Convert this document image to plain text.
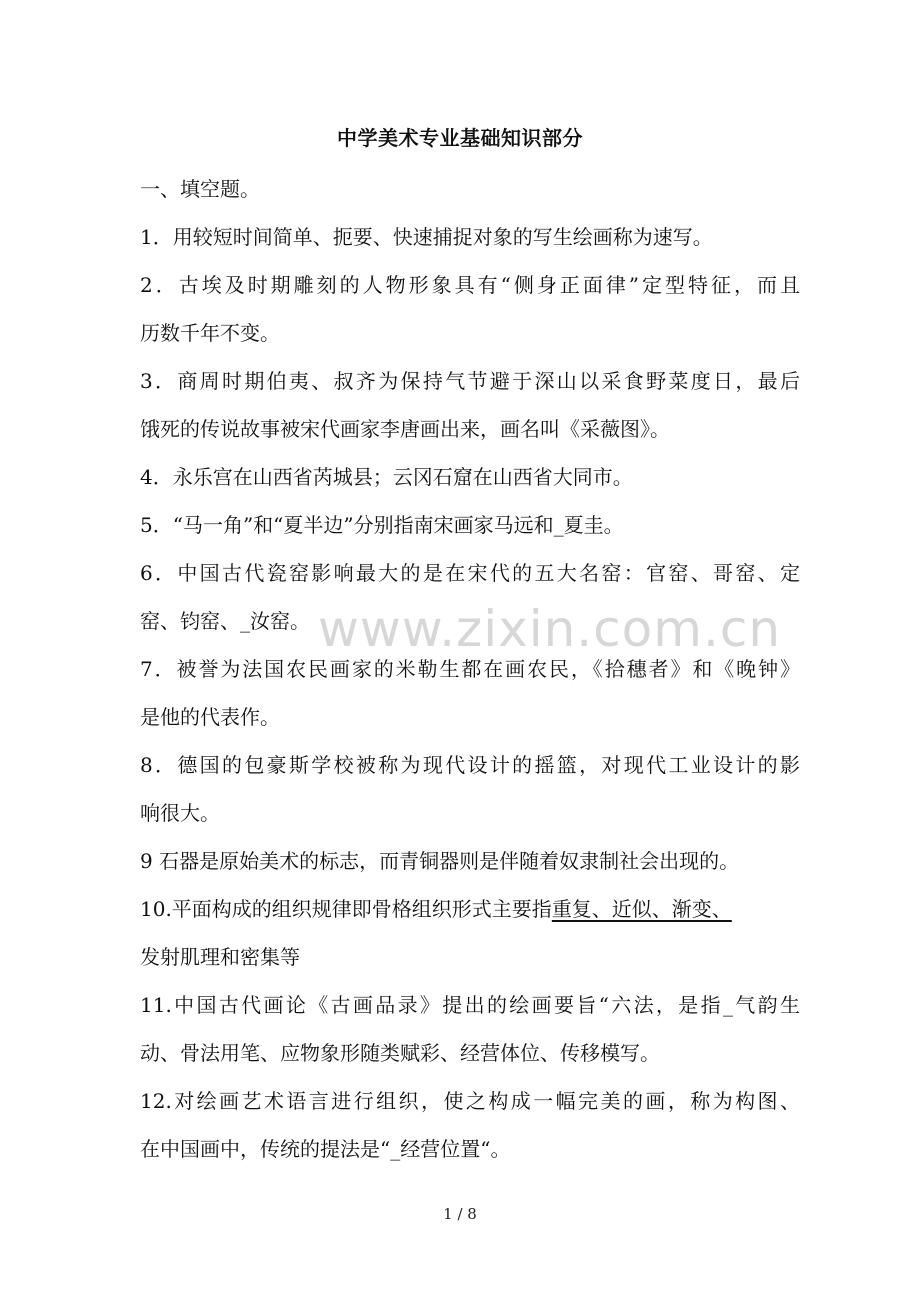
中学美术专业基础知识部分
一、填空题。
1．用较短时间简单、扼要、快速捕捉对象的写生绘画称为速写。
2．古埃及时期雕刻的人物形象具有“侧身正面律”定型特征，而且
历数千年不变。
3．商周时期伯夷、叔齐为保持气节避于深山以采食野菜度日，最后
饿死的传说故事被宋代画家李唐画出来，画名叫《采薇图》。
4．永乐宫在山西省芮城县；云冈石窟在山西省大同市。
5．“马一角”和“夏半边”分别指南宋画家马远和_夏圭。
6．中国古代瓷窑影响最大的是在宋代的五大名窑：官窑、哥窑、定
窑、钧窑、_汝窑。
7．被誉为法国农民画家的米勒生都在画农民，《拾穗者》和《晚钟》
是他的代表作。
8．德国的包豪斯学校被称为现代设计的摇篮，对现代工业设计的影
响很大。
9 石器是原始美术的标志，而青铜器则是伴随着奴隶制社会出现的。
10.平面构成的组织规律即骨格组织形式主要指重复、近似、渐变、
发射肌理和密集等
11.中国古代画论《古画品录》提出的绘画要旨“六法，是指_气韵生
动、骨法用笔、应物象形随类赋彩、经营体位、传移模写。
12.对绘画艺术语言进行组织，使之构成一幅完美的画，称为构图、
在中国画中，传统的提法是“_经营位置“。
www.zixin.com.cn
1 / 8
